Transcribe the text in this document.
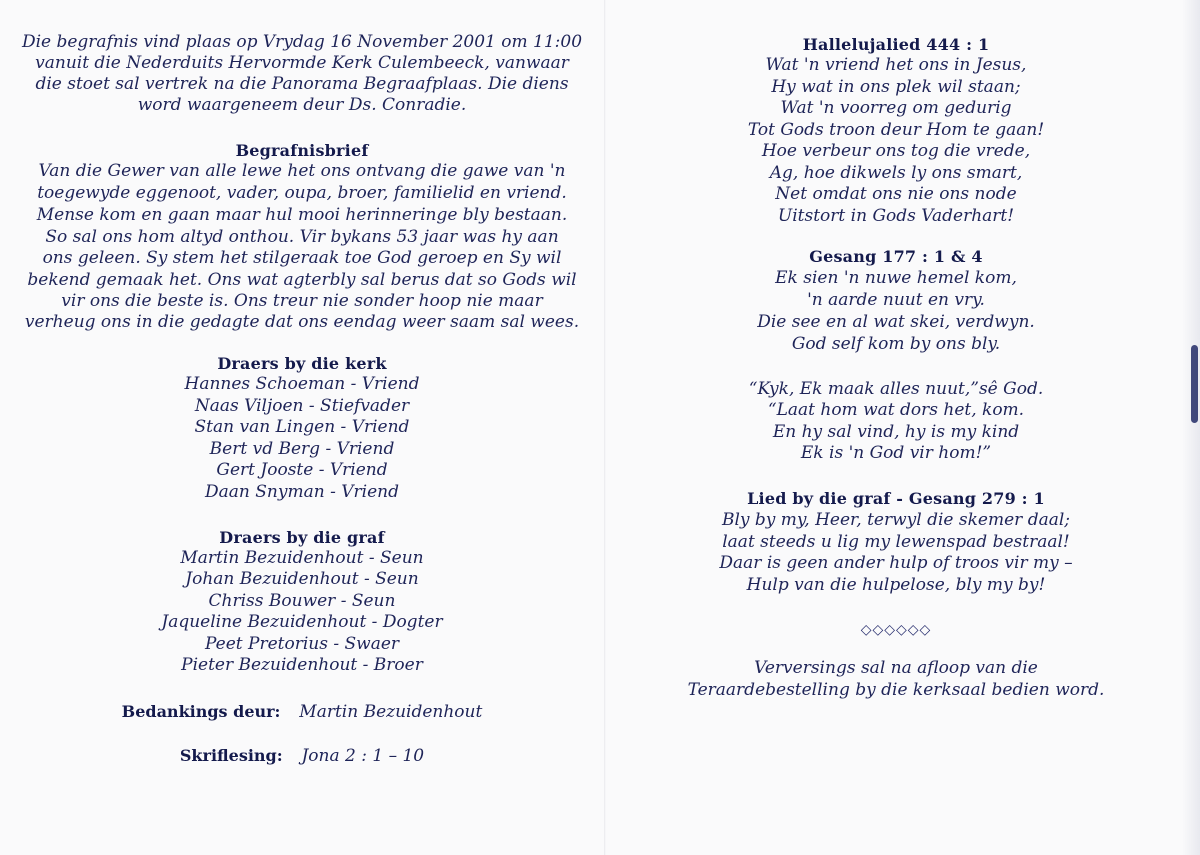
Die begrafnis vind plaas op Vrydag 16 November 2001 om 11:00
vanuit die Nederduits Hervormde Kerk Culembeeck, vanwaar
die stoet sal vertrek na die Panorama Begraafplaas. Die diens
word waargeneem deur Ds. Conradie.
Begrafnisbrief
Van die Gewer van alle lewe het ons ontvang die gawe van 'n
toegewyde eggenoot, vader, oupa, broer, familielid en vriend.
Mense kom en gaan maar hul mooi herinneringe bly bestaan.
So sal ons hom altyd onthou. Vir bykans 53 jaar was hy aan
ons geleen. Sy stem het stilgeraak toe God geroep en Sy wil
bekend gemaak het. Ons wat agterbly sal berus dat so Gods wil
vir ons die beste is. Ons treur nie sonder hoop nie maar
verheug ons in die gedagte dat ons eendag weer saam sal wees.
Draers by die kerk
Hannes Schoeman - Vriend
Naas Viljoen - Stiefvader
Stan van Lingen - Vriend
Bert vd Berg - Vriend
Gert Jooste - Vriend
Daan Snyman - Vriend
Draers by die graf
Martin Bezuidenhout - Seun
Johan Bezuidenhout - Seun
Chriss Bouwer - Seun
Jaqueline Bezuidenhout - Dogter
Peet Pretorius - Swaer
Pieter Bezuidenhout - Broer
Bedankings deur: Martin Bezuidenhout
Skriflesing: Jona 2 : 1 – 10
Hallelujalied 444 : 1
Wat 'n vriend het ons in Jesus,
Hy wat in ons plek wil staan;
Wat 'n voorreg om gedurig
Tot Gods troon deur Hom te gaan!
Hoe verbeur ons tog die vrede,
Ag, hoe dikwels ly ons smart,
Net omdat ons nie ons node
Uitstort in Gods Vaderhart!
Gesang 177 : 1 & 4
Ek sien 'n nuwe hemel kom,
'n aarde nuut en vry.
Die see en al wat skei, verdwyn.
God self kom by ons bly.
“Kyk, Ek maak alles nuut,”sê God.
“Laat hom wat dors het, kom.
En hy sal vind, hy is my kind
Ek is 'n God vir hom!”
Lied by die graf - Gesang 279 : 1
Bly by my, Heer, terwyl die skemer daal;
laat steeds u lig my lewenspad bestraal!
Daar is geen ander hulp of troos vir my –
Hulp van die hulpelose, bly my by!
◇◇◇◇◇◇
Verversings sal na afloop van die
Teraardebestelling by die kerksaal bedien word.
